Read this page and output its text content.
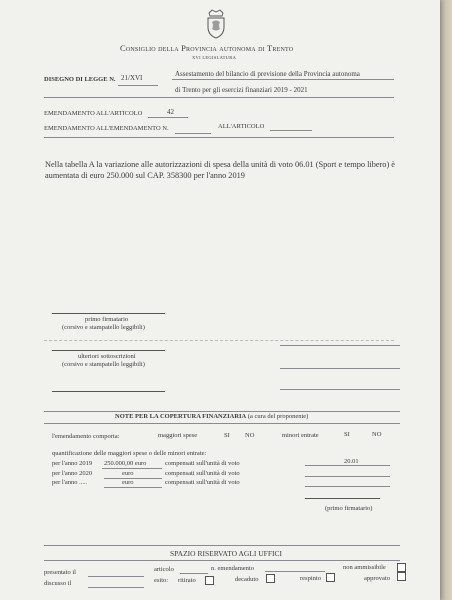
Consiglio della Provincia autonoma di Trento
XVI LEGISLATURA
DISEGNO DI LEGGE N. 21/XVI	Assestamento del bilancio di previsione della Provincia autonoma
di Trento per gli esercizi finanziari 2019 - 2021
EMENDAMENTO ALL'ARTICOLO	42
EMENDAMENTO ALL'EMENDAMENTO N.	ALL'ARTICOLO
Nella tabella A la variazione alle autorizzazioni di spesa della unità di voto 06.01 (Sport e tempo libero) è aumentata di euro 250.000 sul CAP. 358300 per l'anno 2019
primo firmatario
(corsivo e stampatello leggibili)
ulteriori sottoscrizioni
(corsivo e stampatello leggibili)
NOTE PER LA COPERTURA FINANZIARIA (a cura del proponente)
l'emendamento comporta:	maggiori spese	SI NO	minori entrate	SI	NO
quantificazione delle maggiori spese o delle minori entrate:
per l'anno 2019 250.000,00 euro	compensati sull'unità di voto	20.01
per l'anno 2020	euro	compensati sull'unità di voto
per l'anno .....	euro	compensati sull'unità di voto
(primo firmatario)
SPAZIO RISERVATO AGLI UFFICI
presentato il	articolo	n. emendamento	non ammissibile
discusso il	esito: ritirato	decaduto	respinto	approvato
